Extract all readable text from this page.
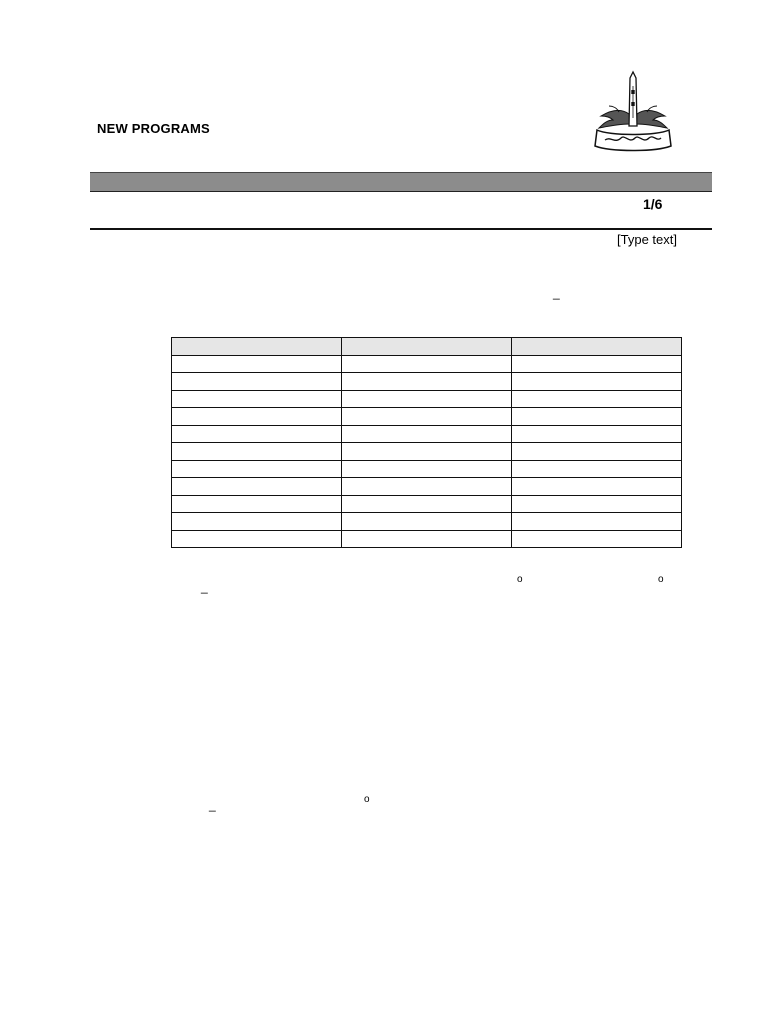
NEW PROGRAMS
1/6
[Type text]
_

_
o	o
_	o
